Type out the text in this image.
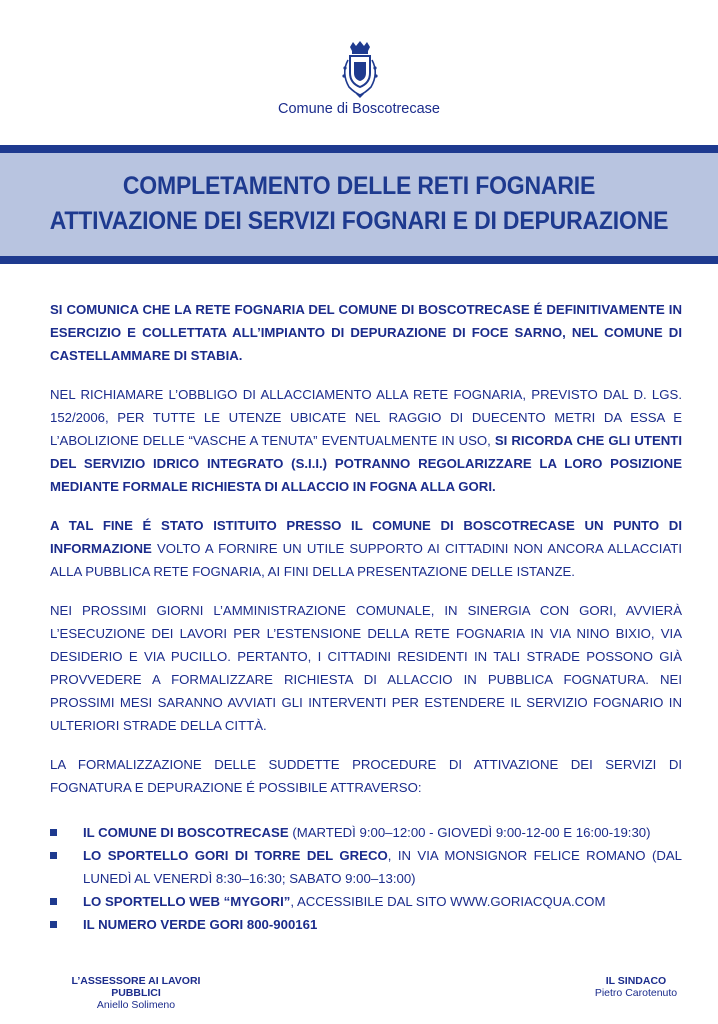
Comune di Boscotrecase
COMPLETAMENTO DELLE RETI FOGNARIE
ATTIVAZIONE DEI SERVIZI FOGNARI E DI DEPURAZIONE

SI COMUNICA CHE LA RETE FOGNARIA DEL COMUNE DI BOSCOTRECASE É DEFINITIVAMENTE IN ESERCIZIO E COLLETTATA ALL’IMPIANTO DI DEPURAZIONE DI FOCE SARNO, NEL COMUNE DI CASTELLAMMARE DI STABIA.

NEL RICHIAMARE L’OBBLIGO DI ALLACCIAMENTO ALLA RETE FOGNARIA, PREVISTO DAL D. LGS. 152/2006, PER TUTTE LE UTENZE UBICATE NEL RAGGIO DI DUECENTO METRI DA ESSA E L’ABOLIZIONE DELLE “VASCHE A TENUTA” EVENTUALMENTE IN USO, SI RICORDA CHE GLI UTENTI DEL SERVIZIO IDRICO INTEGRATO (S.I.I.) POTRANNO REGOLARIZZARE LA LORO POSIZIONE MEDIANTE FORMALE RICHIESTA DI ALLACCIO IN FOGNA ALLA GORI.

A TAL FINE É STATO ISTITUITO PRESSO IL COMUNE DI BOSCOTRECASE UN PUNTO DI INFORMAZIONE VOLTO A FORNIRE UN UTILE SUPPORTO AI CITTADINI NON ANCORA ALLACCIATI ALLA PUBBLICA RETE FOGNARIA, AI FINI DELLA PRESENTAZIONE DELLE ISTANZE.

NEI PROSSIMI GIORNI L’AMMINISTRAZIONE COMUNALE, IN SINERGIA CON GORI, AVVIERÀ L’ESECUZIONE DEI LAVORI PER L’ESTENSIONE DELLA RETE FOGNARIA IN VIA NINO BIXIO, VIA DESIDERIO E VIA PUCILLO. PERTANTO, I CITTADINI RESIDENTI IN TALI STRADE POSSONO GIÀ PROVVEDERE A FORMALIZZARE RICHIESTA DI ALLACCIO IN PUBBLICA FOGNATURA. NEI PROSSIMI MESI SARANNO AVVIATI GLI INTERVENTI PER ESTENDERE IL SERVIZIO FOGNARIO IN ULTERIORI STRADE DELLA CITTÀ.

LA FORMALIZZAZIONE DELLE SUDDETTE PROCEDURE DI ATTIVAZIONE DEI SERVIZI DI FOGNATURA E DEPURAZIONE É POSSIBILE ATTRAVERSO:

IL COMUNE DI BOSCOTRECASE (MARTEDÌ 9:00–12:00 - GIOVEDÌ 9:00-12-00 E 16:00-19:30)
LO SPORTELLO GORI DI TORRE DEL GRECO, IN VIA MONSIGNOR FELICE ROMANO (DAL LUNEDÌ AL VENERDÌ 8:30–16:30; SABATO 9:00–13:00)
LO SPORTELLO WEB “MYGORI”, ACCESSIBILE DAL SITO WWW.GORIACQUA.COM
IL NUMERO VERDE GORI 800-900161
L’ASSESSORE AI LAVORI PUBBLICI
Aniello Solimeno
IL SINDACO
Pietro Carotenuto
